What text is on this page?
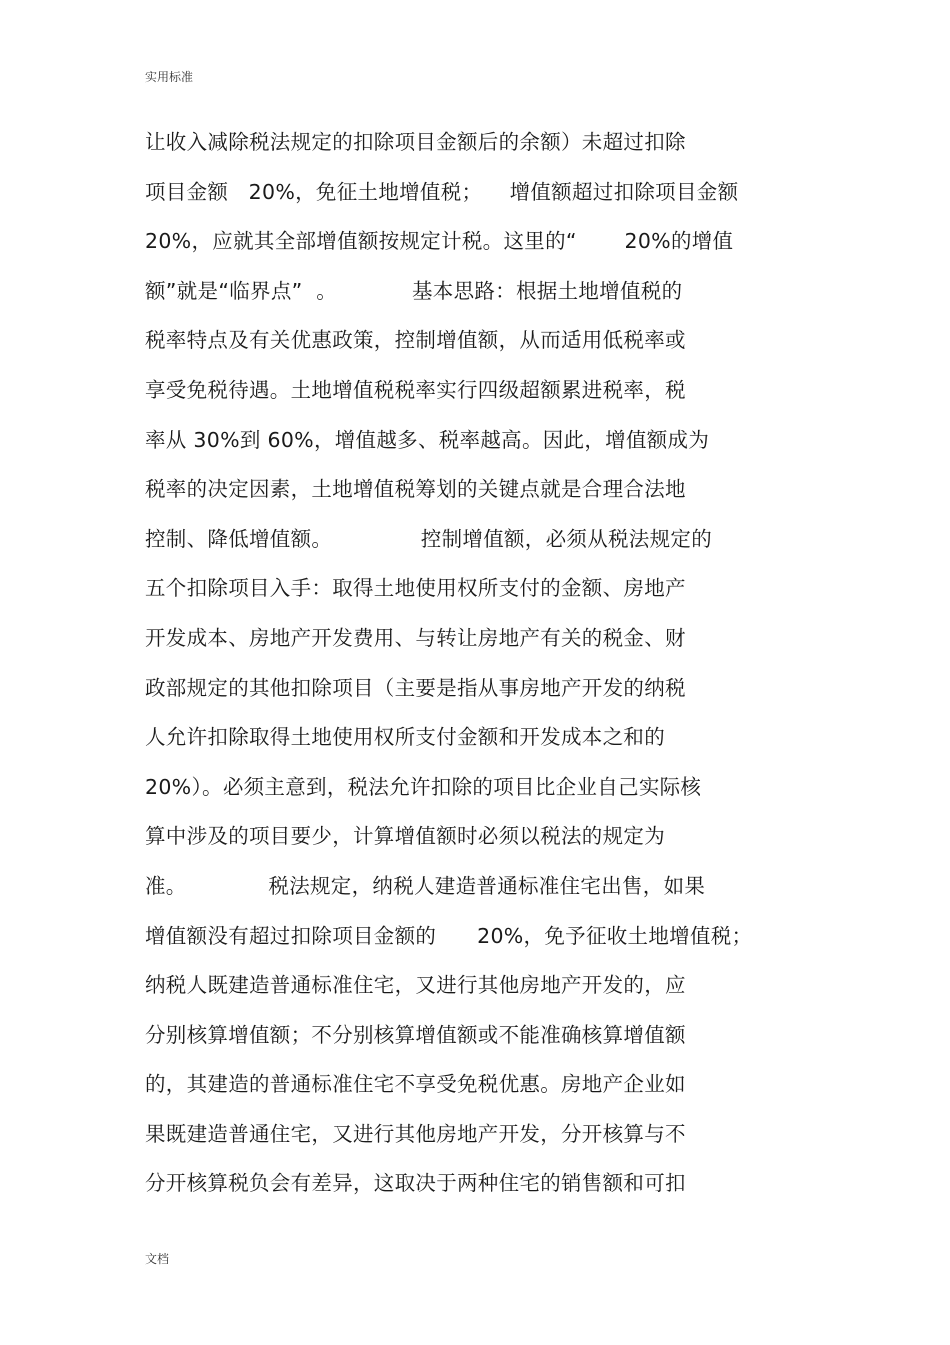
实用标准
让收入减除税法规定的扣除项目金额后的余额）未超过扣除
项目金额   20%，免征土地增值税；    增值额超过扣除项目金额
20%，应就其全部增值额按规定计税。这里的“       20%的增值
额”就是“临界点”  。           基本思路：根据土地增值税的
税率特点及有关优惠政策，控制增值额，从而适用低税率或
享受免税待遇。土地增值税税率实行四级超额累进税率，税
率从 30%到 60%，增值越多、税率越高。因此，增值额成为
税率的决定因素，土地增值税筹划的关键点就是合理合法地
控制、降低增值额。             控制增值额，必须从税法规定的
五个扣除项目入手：取得土地使用权所支付的金额、房地产
开发成本、房地产开发费用、与转让房地产有关的税金、财
政部规定的其他扣除项目（主要是指从事房地产开发的纳税
人允许扣除取得土地使用权所支付金额和开发成本之和的
20%）。必须主意到，税法允许扣除的项目比企业自己实际核
算中涉及的项目要少，计算增值额时必须以税法的规定为
准。            税法规定，纳税人建造普通标准住宅出售，如果
增值额没有超过扣除项目金额的      20%，免予征收土地增值税；
纳税人既建造普通标准住宅，又进行其他房地产开发的，应
分别核算增值额；不分别核算增值额或不能准确核算增值额
的，其建造的普通标准住宅不享受免税优惠。房地产企业如
果既建造普通住宅，又进行其他房地产开发，分开核算与不
分开核算税负会有差异，这取决于两种住宅的销售额和可扣
文档
